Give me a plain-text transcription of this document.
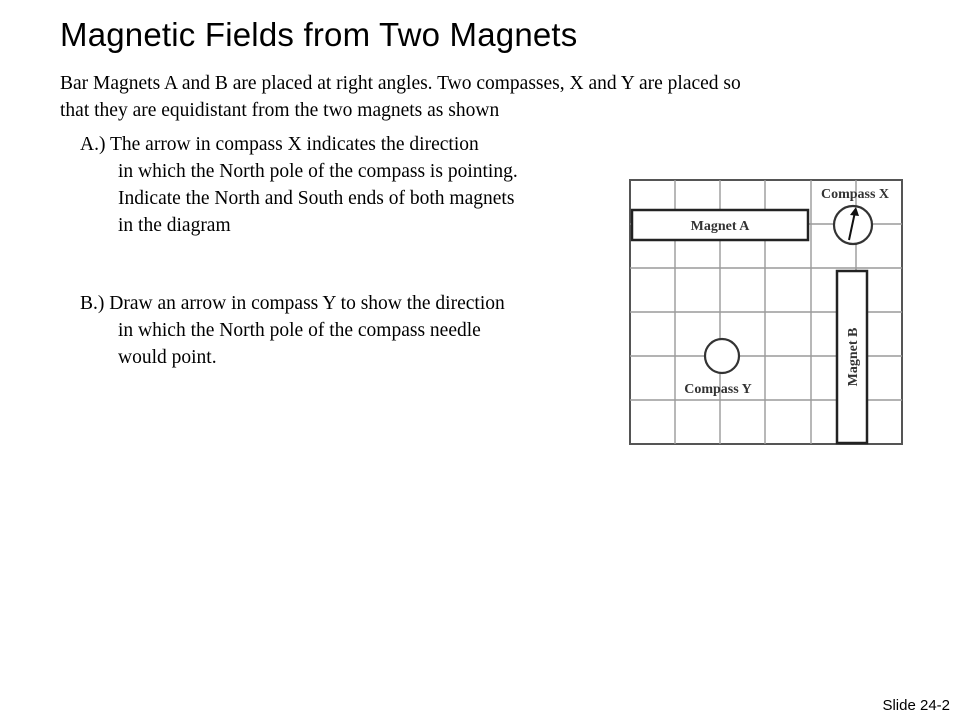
Magnetic Fields from Two Magnets
Bar Magnets A and B are placed at right angles. Two compasses, X and Y are placed so
that they are equidistant from the two magnets as shown
A.) The arrow in compass X indicates the direction
in which the North pole of the compass is pointing.
Indicate the North and South ends of both magnets
in the diagram
B.) Draw an arrow in compass Y to show the direction
in which the North pole of the compass needle
would point.
Magnet A
Magnet B
Compass X
Compass Y
Slide 24-2
